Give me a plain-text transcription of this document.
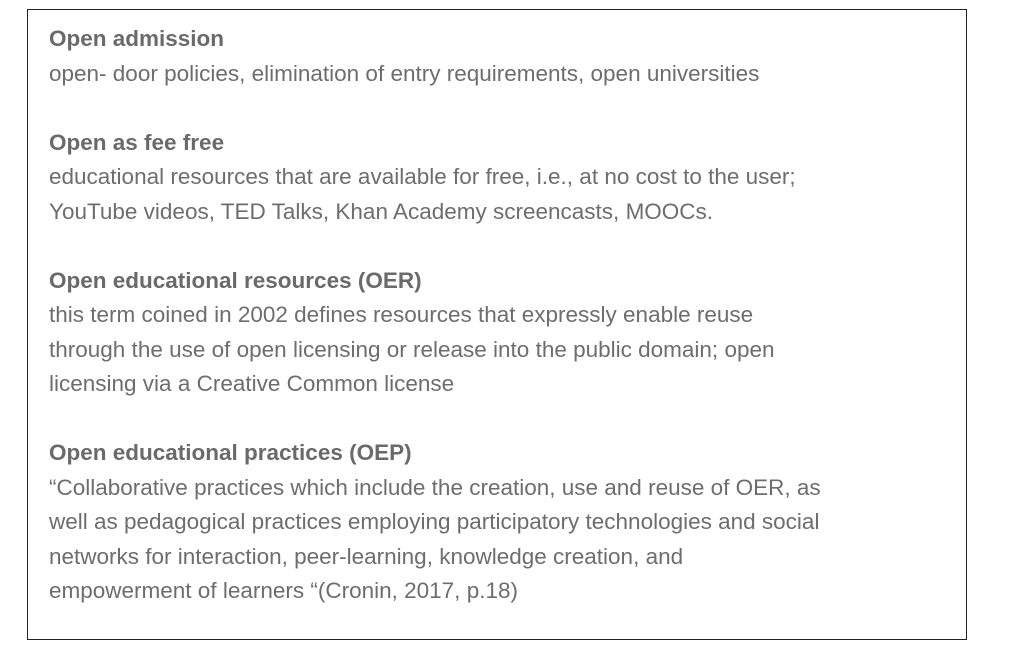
Open admission
open- door policies, elimination of entry requirements, open universities
Open as fee free
educational resources that are available for free, i.e., at no cost to the user;
YouTube videos, TED Talks, Khan Academy screencasts, MOOCs.
Open educational resources (OER)
this term coined in 2002 defines resources that expressly enable reuse
through the use of open licensing or release into the public domain; open
licensing via a Creative Common license
Open educational practices (OEP)
“Collaborative practices which include the creation, use and reuse of OER, as
well as pedagogical practices employing participatory technologies and social
networks for interaction, peer-learning, knowledge creation, and
empowerment of learners “(Cronin, 2017, p.18)
